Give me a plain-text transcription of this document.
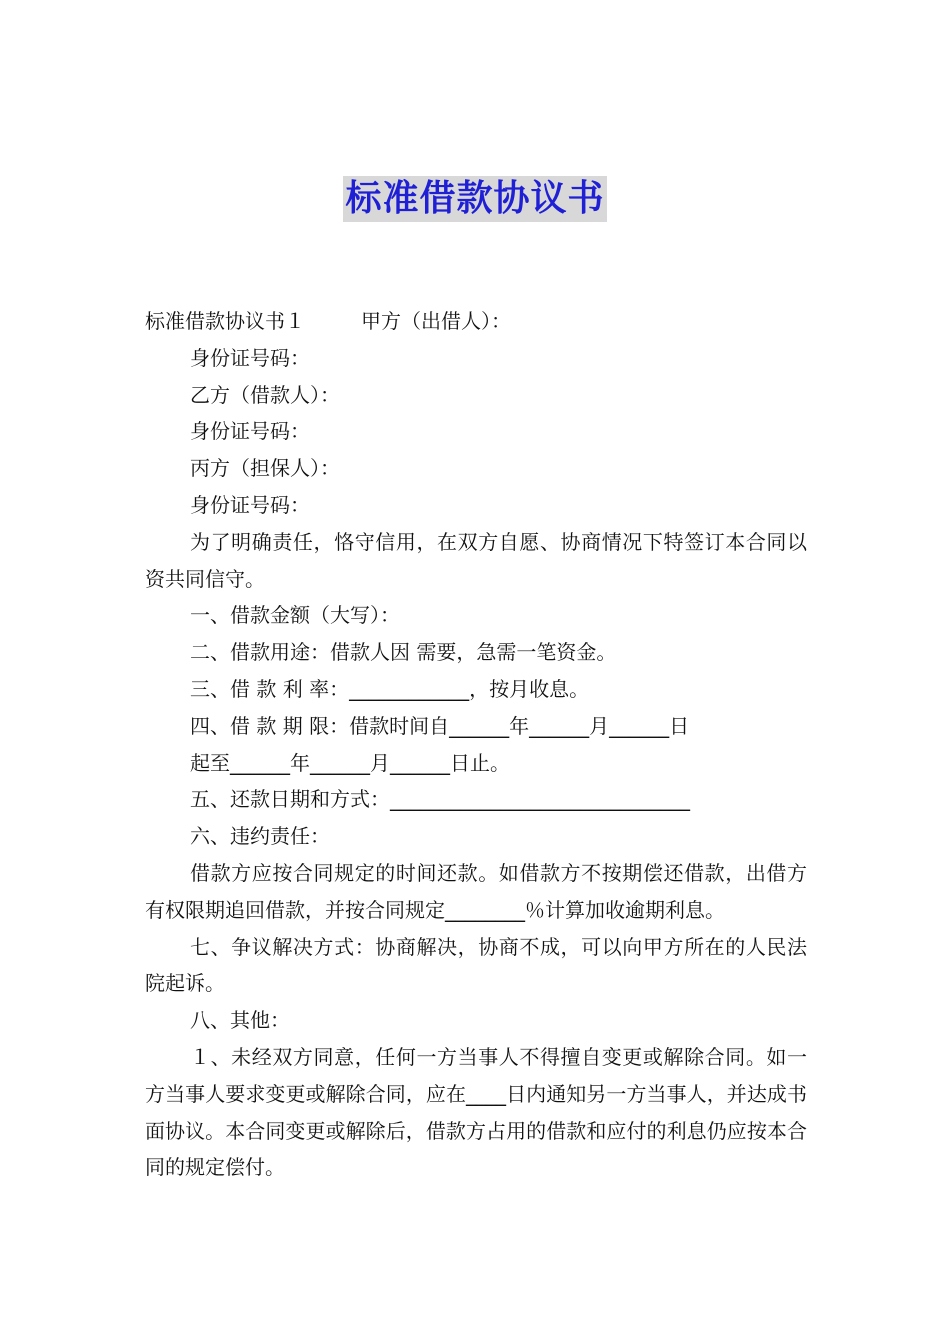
标准借款协议书
标准借款协议书１	甲方（出借人）：
身份证号码：
乙方（借款人）：
身份证号码：
丙方（担保人）：
身份证号码：
为了明确责任，恪守信用，在双方自愿、协商情况下特签订本合同以资共同信守。
一、借款金额（大写）：
二、借款用途：借款人因 需要，急需一笔资金。
三、借 款 利 率：____________，按月收息。
四、借 款 期 限：借款时间自______年______月______日
起至______年______月______日止。
五、还款日期和方式：______________________________
六、违约责任：
借款方应按合同规定的时间还款。如借款方不按期偿还借款，出借方有权限期追回借款，并按合同规定________％计算加收逾期利息。
七、争议解决方式：协商解决，协商不成，可以向甲方所在的人民法院起诉。
八、其他：
１、未经双方同意，任何一方当事人不得擅自变更或解除合同。如一方当事人要求变更或解除合同，应在____日内通知另一方当事人，并达成书面协议。本合同变更或解除后，借款方占用的借款和应付的利息仍应按本合同的规定偿付。
